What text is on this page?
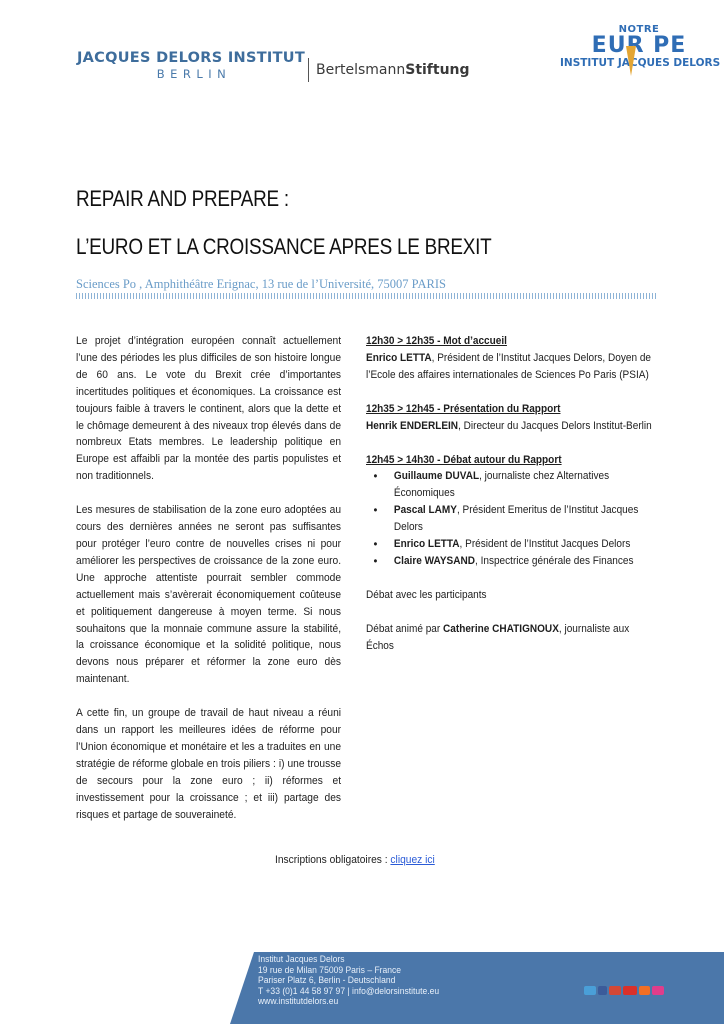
JACQUES DELORS INSTITUT
BERLIN	BertelsmannStiftung
NOTRE
EUR PE
INSTITUT JACQUES DELORS
REPAIR AND PREPARE :
L’EURO ET LA CROISSANCE APRES LE BREXIT
Sciences Po , Amphithéâtre Erignac, 13 rue de l’Université, 75007 PARIS

Le projet d’intégration européen connaît actuellement l’une des périodes les plus difficiles de son histoire longue de 60 ans. Le vote du Brexit crée d’importantes incertitudes politiques et économiques. La croissance est toujours faible à travers le continent, alors que la dette et le chômage demeurent à des niveaux trop élevés dans de nombreux Etats membres. Le leadership politique en Europe est affaibli par la montée des partis populistes et non traditionnels.

Les mesures de stabilisation de la zone euro adoptées au cours des dernières années ne seront pas suffisantes pour protéger l’euro contre de nouvelles crises ni pour améliorer les perspectives de croissance de la zone euro. Une approche attentiste pourrait sembler commode actuellement mais s’avèrerait économiquement coûteuse et politiquement dangereuse à moyen terme. Si nous souhaitons que la monnaie commune assure la stabilité, la croissance économique et la solidité politique, nous devons nous préparer et réformer la zone euro dès maintenant.

A cette fin, un groupe de travail de haut niveau a réuni dans un rapport les meilleures idées de réforme pour l’Union économique et monétaire et les a traduites en une stratégie de réforme globale en trois piliers : i) une trousse de secours pour la zone euro ; ii) réformes et investissement pour la croissance ; et iii) partage des risques et partage de souveraineté.

12h30 > 12h35 - Mot d’accueil
Enrico LETTA, Président de l’Institut Jacques Delors, Doyen de l’Ecole des affaires internationales de Sciences Po Paris (PSIA)
12h35 > 12h45 - Présentation du Rapport
Henrik ENDERLEIN, Directeur du Jacques Delors Institut-Berlin
12h45 > 14h30 - Débat autour du Rapport
• Guillaume DUVAL, journaliste chez Alternatives Économiques
• Pascal LAMY, Président Emeritus de l’Institut Jacques Delors
• Enrico LETTA, Président de l’Institut Jacques Delors
• Claire WAYSAND, Inspectrice générale des Finances
Débat avec les participants
Débat animé par Catherine CHATIGNOUX, journaliste aux Échos
Inscriptions obligatoires : cliquez ici
Institut Jacques Delors
19 rue de Milan 75009 Paris – France
Pariser Platz 6, Berlin - Deutschland
T +33 (0)1 44 58 97 97 | info@delorsinstitute.eu
www.institutdelors.eu
